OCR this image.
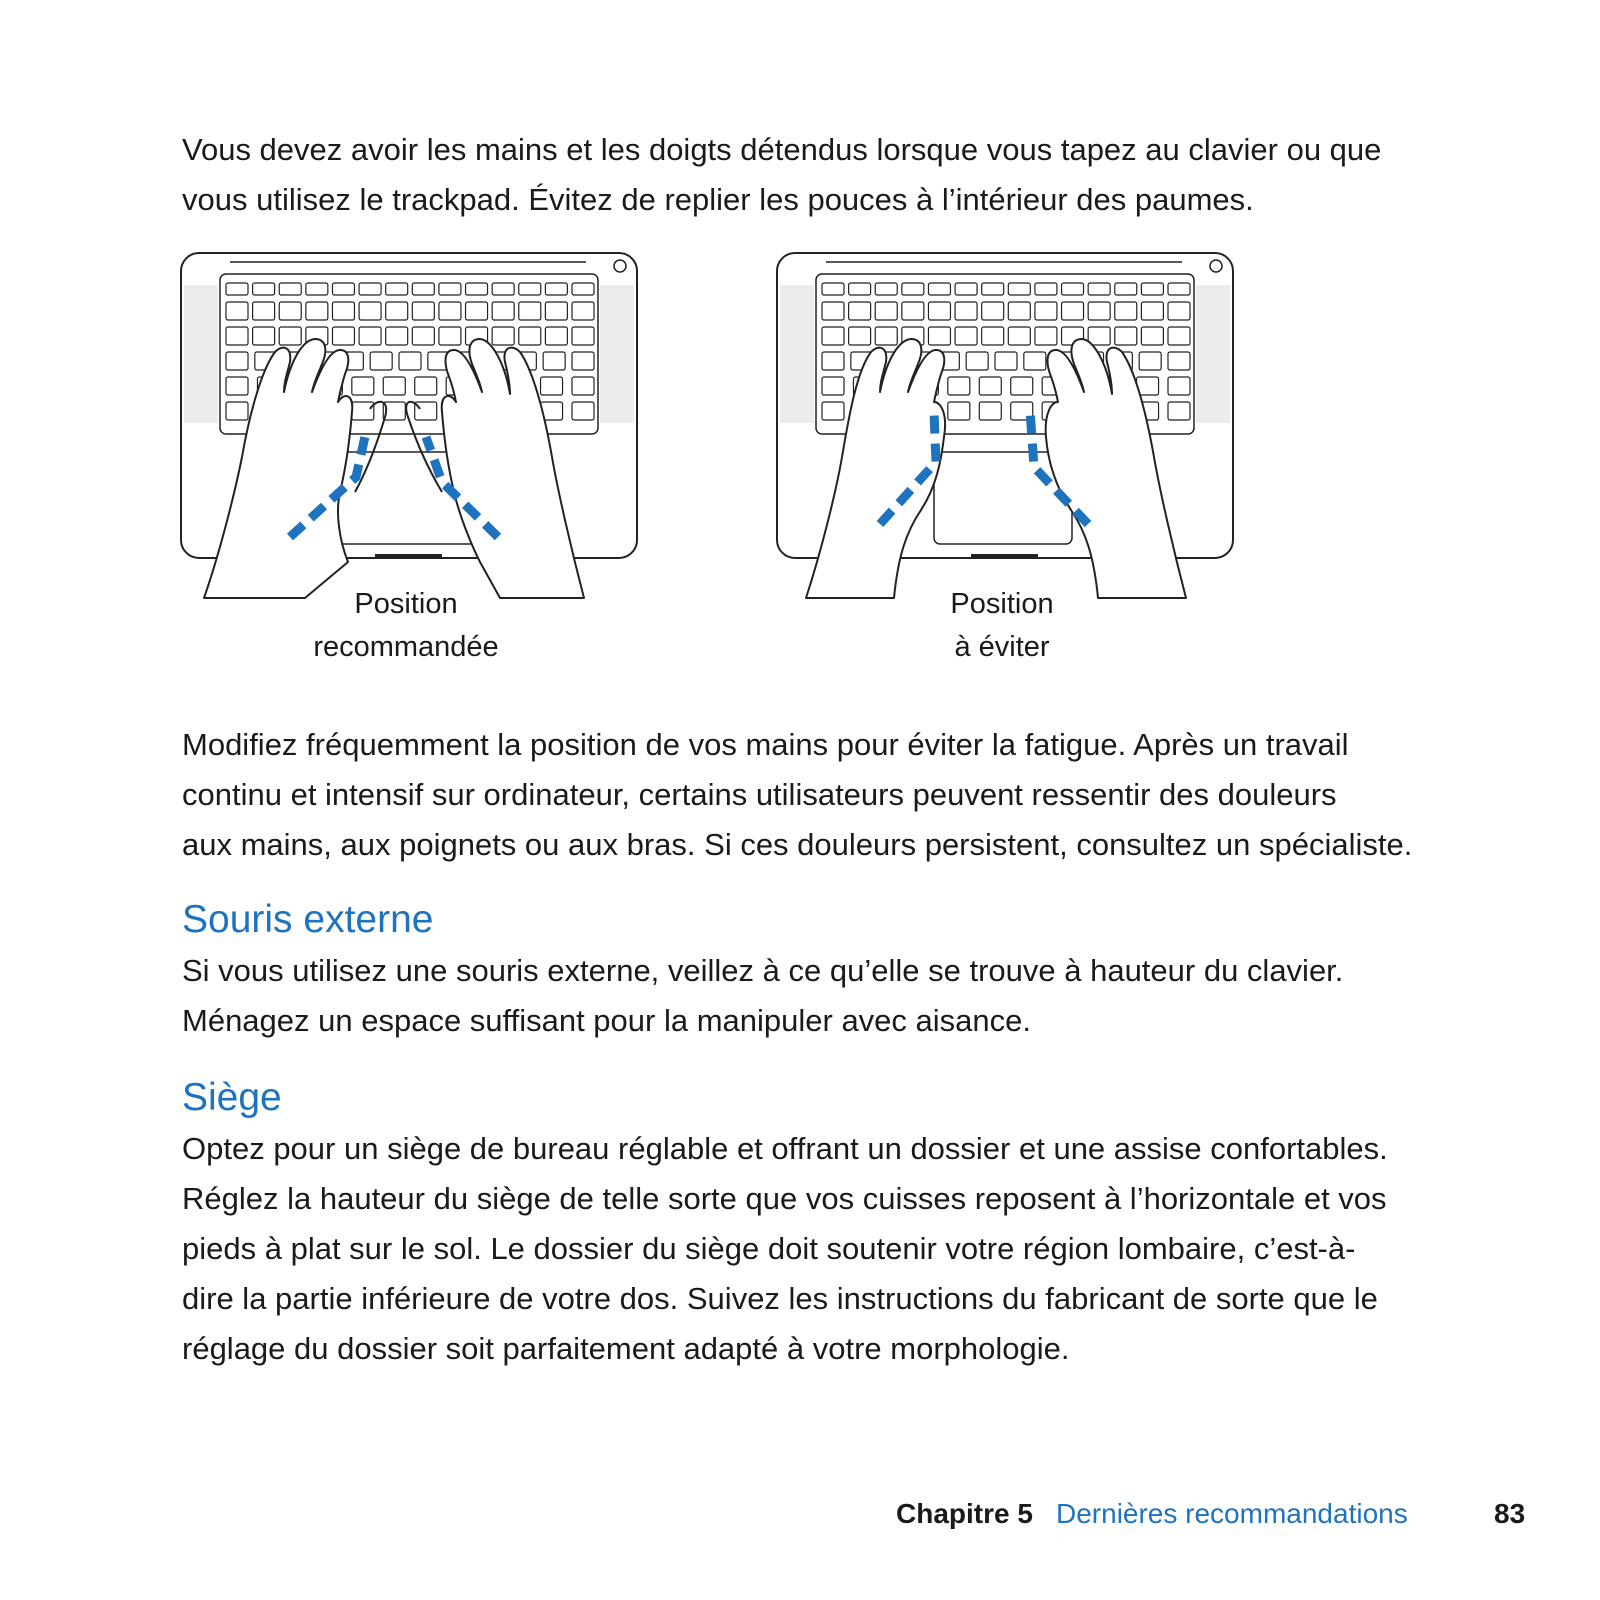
Vous devez avoir les mains et les doigts détendus lorsque vous tapez au clavier ou que
vous utilisez le trackpad. Évitez de replier les pouces à l’intérieur des paumes.
Position
recommandée
Position
à éviter
Modifiez fréquemment la position de vos mains pour éviter la fatigue. Après un travail
continu et intensif sur ordinateur, certains utilisateurs peuvent ressentir des douleurs
aux mains, aux poignets ou aux bras. Si ces douleurs persistent, consultez un spécialiste.
Souris externe
Si vous utilisez une souris externe, veillez à ce qu’elle se trouve à hauteur du clavier.
Ménagez un espace suffisant pour la manipuler avec aisance.
Siège
Optez pour un siège de bureau réglable et offrant un dossier et une assise confortables.
Réglez la hauteur du siège de telle sorte que vos cuisses reposent à l’horizontale et vos
pieds à plat sur le sol. Le dossier du siège doit soutenir votre région lombaire, c’est-à-
dire la partie inférieure de votre dos. Suivez les instructions du fabricant de sorte que le
réglage du dossier soit parfaitement adapté à votre morphologie.
Chapitre 5 Dernières recommandations	83
